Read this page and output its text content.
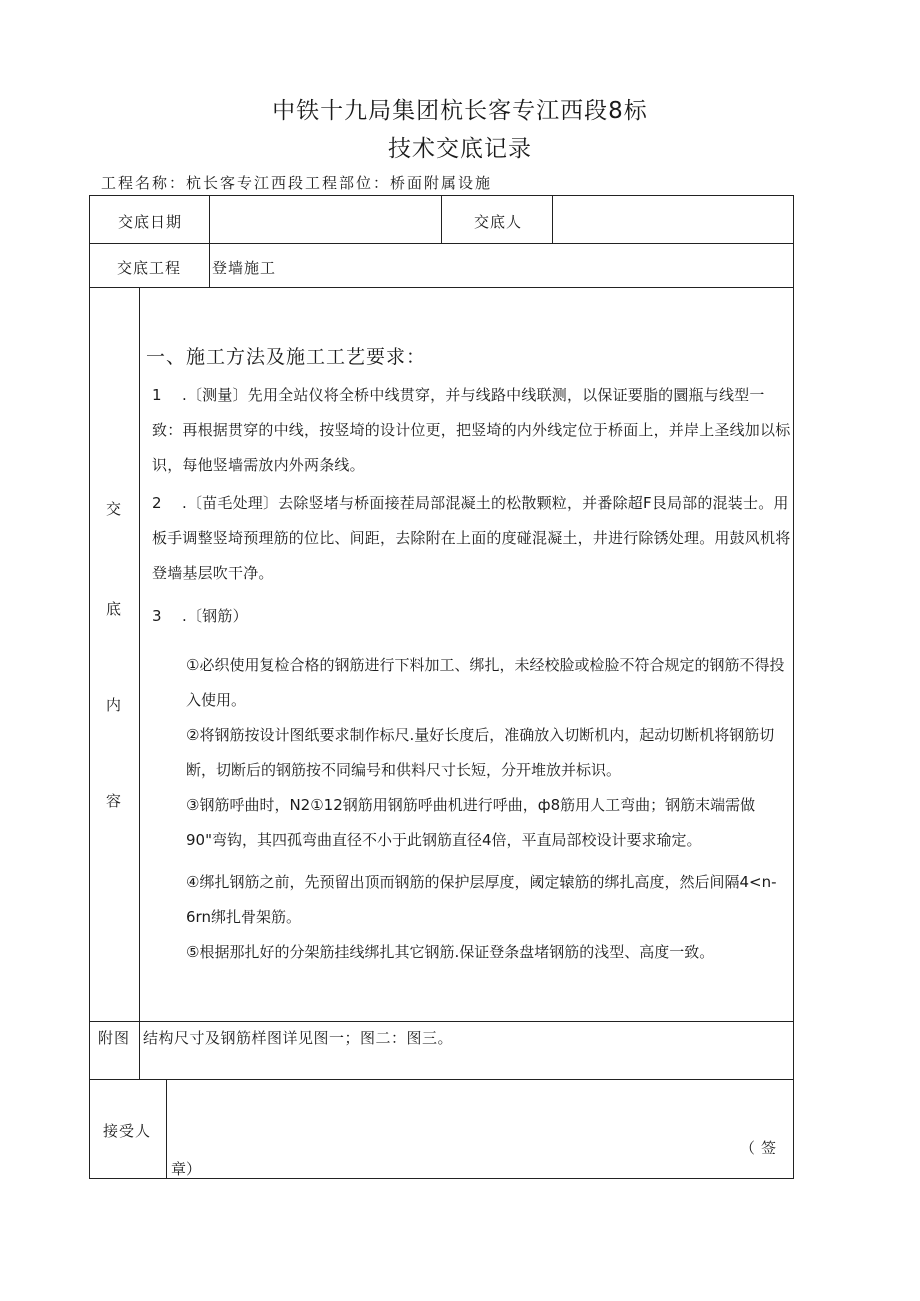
中铁十九局集团杭长客专江西段8标
技术交底记录
工程名称：杭长客专江西段工程部位：桥面附属设施
交底日期	交底人
交底工程 登墙施工
交
底
内
容
一、施工方法及施工工艺要求：
1 .〔测量〕先用全站仪将全桥中线贯穿，并与线路中线联测，以保证要脂的圜瓶与线型一致：再根据贯穿的中线，按竖埼的设计位更，把竖埼的内外线定位于桥面上，并岸上圣线加以标识，每他竖墙需放内外两条线。
2 .〔苗毛处理〕去除竖堵与桥面接茬局部混凝土的松散颗粒，并番除超F艮局部的混装士。用板手调整竖埼预理筋的位比、间距，去除附在上面的度碰混凝土，井进行除锈处理。用鼓风机将登墙基层吹干净。
3 .〔钢筋）
①必织使用复检合格的钢筋进行下料加工、绑扎，未经校脸或检脸不符合规定的钢筋不得投入使用。
②将钢筋按设计图纸要求制作标尺.量好长度后，准确放入切断机内，起动切断机将钢筋切断，切断后的钢筋按不同编号和供料尺寸长短，分开堆放并标识。
③钢筋呼曲时，N2①12钢筋用钢筋呼曲机进行呼曲，ф8筋用人工弯曲；钢筋末端需做90"弯钩，其四孤弯曲直径不小于此钢筋直径4倍，平直局部校设计要求瑜定。
④绑扎钢筋之前，先预留出顶而钢筋的保护层厚度，阈定辕筋的绑扎高度，然后间隔4<n-6rn绑扎骨架筋。
⑤根据那扎好的分架筋挂线绑扎其它钢筋.保证登条盘堵钢筋的浅型、高度一致。
附图 结构尺寸及钢筋样图详见图一；图二：图三。
接受人
（签
章）
